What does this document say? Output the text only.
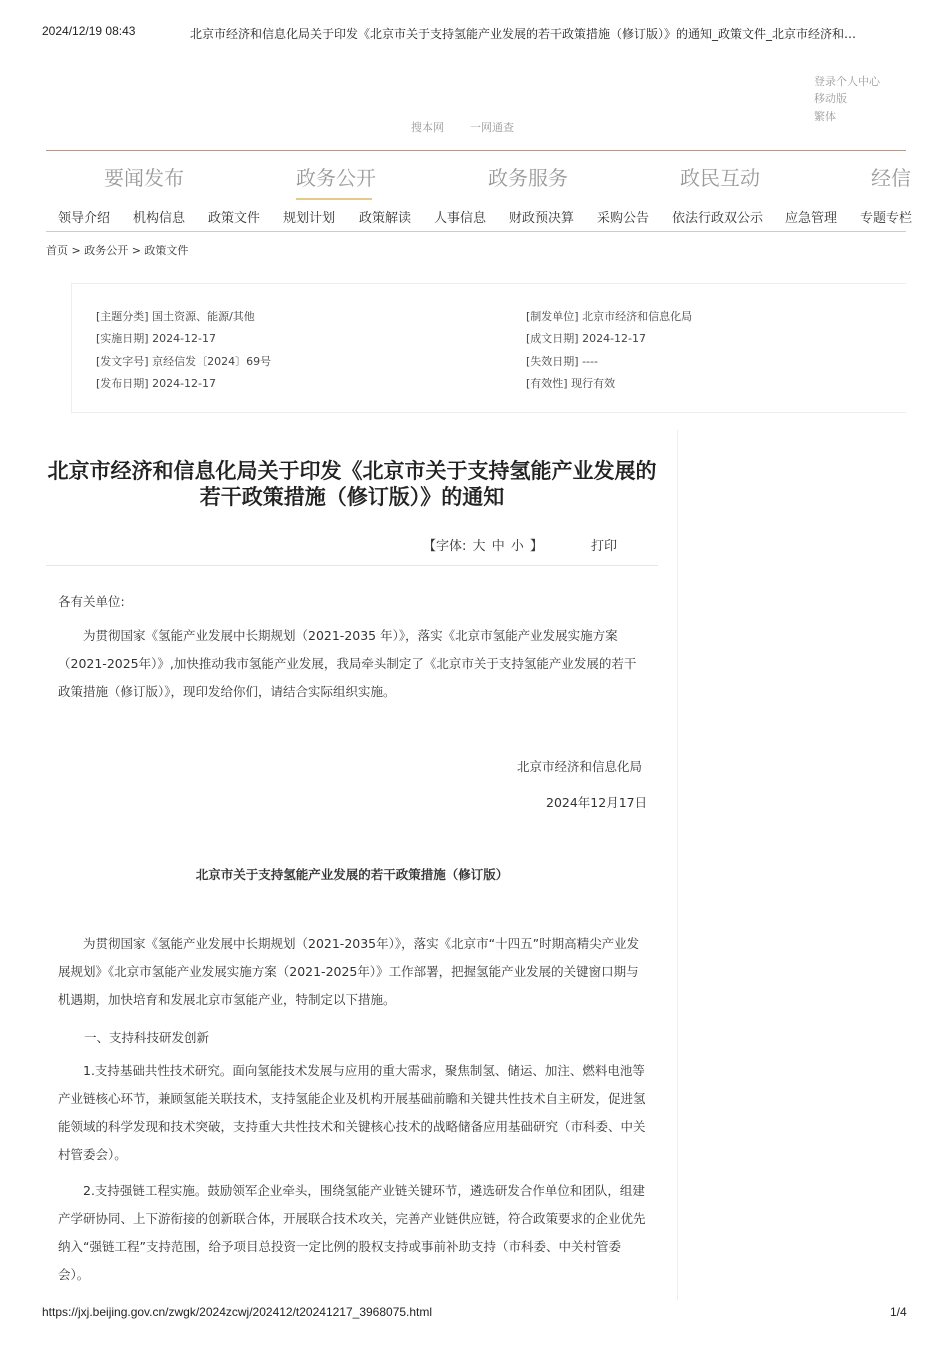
2024/12/19 08:43	北京市经济和信息化局关于印发《北京市关于支持氢能产业发展的若干政策措施（修订版）》的通知_政策文件_北京市经济和…
登录个人中心
移动版
繁体
搜本网 一网通查
要闻发布	政务公开	政务服务	政民互动	经信
领导介绍 机构信息 政策文件 规划计划 政策解读 人事信息 财政预决算 采购公告 依法行政双公示 应急管理 专题专栏
首页 > 政务公开 > 政策文件
[主题分类] 国土资源、能源/其他	[制发单位] 北京市经济和信息化局
[实施日期] 2024-12-17	[成文日期] 2024-12-17
[发文字号] 京经信发〔2024〕69号	[失效日期] ----
[发布日期] 2024-12-17	[有效性] 现行有效
北京市经济和信息化局关于印发《北京市关于支持氢能产业发展的若干政策措施（修订版）》的通知
【字体: 大 中 小 】	打印
各有关单位:
为贯彻国家《氢能产业发展中长期规划（2021-2035 年）》，落实《北京市氢能产业发展实施方案（2021-2025年）》,加快推动我市氢能产业发展，我局牵头制定了《北京市关于支持氢能产业发展的若干政策措施（修订版）》，现印发给你们，请结合实际组织实施。
北京市经济和信息化局
2024年12月17日
北京市关于支持氢能产业发展的若干政策措施（修订版）
为贯彻国家《氢能产业发展中长期规划（2021-2035年）》，落实《北京市“十四五”时期高精尖产业发展规划》《北京市氢能产业发展实施方案（2021-2025年）》工作部署，把握氢能产业发展的关键窗口期与机遇期，加快培育和发展北京市氢能产业，特制定以下措施。
一、支持科技研发创新
1.支持基础共性技术研究。面向氢能技术发展与应用的重大需求，聚焦制氢、储运、加注、燃料电池等产业链核心环节，兼顾氢能关联技术，支持氢能企业及机构开展基础前瞻和关键共性技术自主研发，促进氢能领域的科学发现和技术突破，支持重大共性技术和关键核心技术的战略储备应用基础研究（市科委、中关村管委会）。
2.支持强链工程实施。鼓励领军企业牵头，围绕氢能产业链关键环节，遴选研发合作单位和团队，组建产学研协同、上下游衔接的创新联合体，开展联合技术攻关，完善产业链供应链，符合政策要求的企业优先纳入“强链工程”支持范围，给予项目总投资一定比例的股权支持或事前补助支持（市科委、中关村管委会）。
https://jxj.beijing.gov.cn/zwgk/2024zcwj/202412/t20241217_3968075.html	1/4
